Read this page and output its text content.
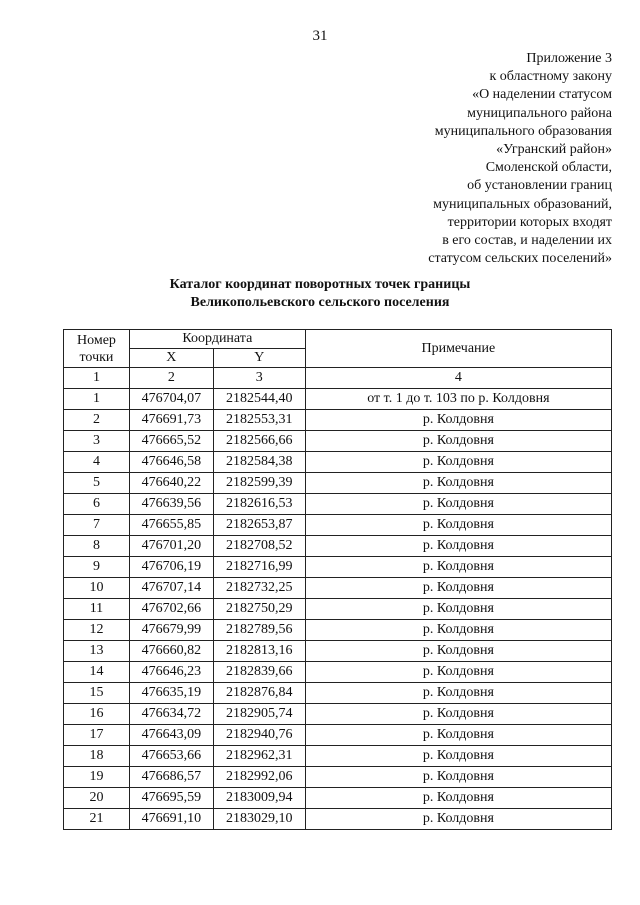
31
Приложение 3
к областному закону
«О наделении статусом
муниципального района
муниципального образования
«Угранский район»
Смоленской области,
об установлении границ
муниципальных образований,
территории которых входят
в его состав, и наделении их
статусом сельских поселений»
Каталог координат поворотных точек границы
Великопольевского сельского поселения
Номер точки	Координата		Примечание
	X	Y	
1	2	3	4
1	476704,07	2182544,40	от т. 1 до т. 103 по р. Колдовня
2	476691,73	2182553,31	р. Колдовня
3	476665,52	2182566,66	р. Колдовня
4	476646,58	2182584,38	р. Колдовня
5	476640,22	2182599,39	р. Колдовня
6	476639,56	2182616,53	р. Колдовня
7	476655,85	2182653,87	р. Колдовня
8	476701,20	2182708,52	р. Колдовня
9	476706,19	2182716,99	р. Колдовня
10	476707,14	2182732,25	р. Колдовня
11	476702,66	2182750,29	р. Колдовня
12	476679,99	2182789,56	р. Колдовня
13	476660,82	2182813,16	р. Колдовня
14	476646,23	2182839,66	р. Колдовня
15	476635,19	2182876,84	р. Колдовня
16	476634,72	2182905,74	р. Колдовня
17	476643,09	2182940,76	р. Колдовня
18	476653,66	2182962,31	р. Колдовня
19	476686,57	2182992,06	р. Колдовня
20	476695,59	2183009,94	р. Колдовня
21	476691,10	2183029,10	р. Колдовня
